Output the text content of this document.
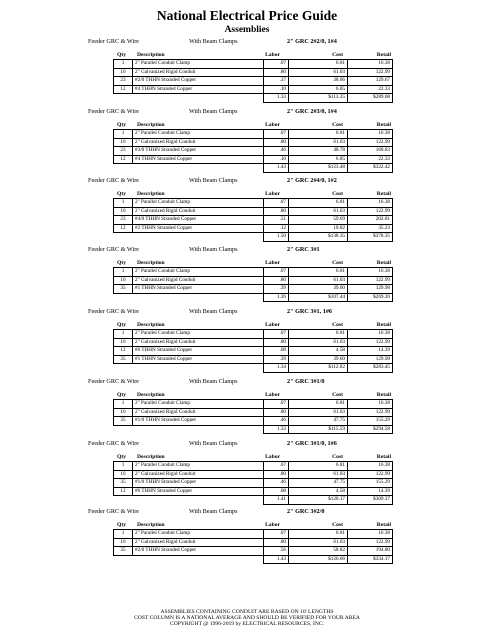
National Electrical Price Guide
Assemblies
Feeder GRC & Wire	With Beam Clamps	2" GRC 2#2/0, 1#4
Qty Description	Labor	Cost	Retail
1	2" Parallel Conduit Clamp	.07	6.81	16.38
10	2" Galvanized Rigid Conduit	.80	61.03	122.99
23	#2/0 THHN Stranded Copper	.37	38.66	129.67
12	#4 THHN Stranded Copper	.10	6.85	22.33
		1.33	$113.35	$289.68
Feeder GRC & Wire	With Beam Clamps	2" GRC 2#3/0, 1#4
Qty Description	Labor	Cost	Retail
1	2" Parallel Conduit Clamp	.07	6.81	16.38
10	2" Galvanized Rigid Conduit	.80	61.03	122.99
23	#3/0 THHN Stranded Copper	.46	48.78	160.83
12	#4 THHN Stranded Copper	.10	6.85	22.33
		1.43	$123.48	$322.42
Feeder GRC & Wire	With Beam Clamps	2" GRC 2#4/0, 1#2
Qty Description	Labor	Cost	Retail
1	2" Parallel Conduit Clamp	.07	6.81	16.38
10	2" Galvanized Rigid Conduit	.80	61.03	122.99
23	#4/0 THHN Stranded Copper	.51	59.69	202.81
12	#2 THHN Stranded Copper	.12	10.82	35.23
		1.50	$138.35	$378.35
Feeder GRC & Wire	With Beam Clamps	2" GRC 3#1
Qty Description	Labor	Cost	Retail
1	2" Parallel Conduit Clamp	.07	6.81	16.38
10	2" Galvanized Rigid Conduit	.80	61.03	122.99
35	#1 THHN Stranded Copper	.39	39.60	129.98
		1.26	$107.44	$269.26
Feeder GRC & Wire	With Beam Clamps	2" GRC 3#1, 1#6
Qty Description	Labor	Cost	Retail
1	2" Parallel Conduit Clamp	.07	6.81	16.38
10	2" Galvanized Rigid Conduit	.80	61.03	122.99
12	#6 THHN Stranded Copper	.08	4.58	14.39
35	#1 THHN Stranded Copper	.39	39.60	129.98
		1.34	$112.02	$283.45
Feeder GRC & Wire	With Beam Clamps	2" GRC 3#1/0
Qty Description	Labor	Cost	Retail
1	2" Parallel Conduit Clamp	.07	6.81	16.38
10	2" Galvanized Rigid Conduit	.80	61.03	122.99
35	#1/0 THHN Stranded Copper	.46	47.75	155.29
		1.33	$115.59	$294.58
Feeder GRC & Wire	With Beam Clamps	2" GRC 3#1/0, 1#6
Qty Description	Labor	Cost	Retail
1	2" Parallel Conduit Clamp	.07	6.81	16.38
10	2" Galvanized Rigid Conduit	.80	61.03	122.99
35	#1/0 THHN Stranded Copper	.46	47.75	155.29
12	#6 THHN Stranded Copper	.08	4.58	14.39
		1.41	$120.17	$309.37
Feeder GRC & Wire	With Beam Clamps	2" GRC 3#2/0
Qty Description	Labor	Cost	Retail
1	2" Parallel Conduit Clamp	.07	6.81	16.38
10	2" Galvanized Rigid Conduit	.80	61.03	122.99
35	#2/0 THHN Stranded Copper	.56	58.82	194.80
		1.43	$126.66	$334.17
ASSEMBLIES CONTAINING CONDUIT ARE BASED ON 10' LENGTHS
COST COLUMN IS A NATIONAL AVERAGE AND SHOULD BE VERIFIED FOR YOUR AREA
COPYRIGHT @ 1996-2019 by ELECTRICAL RESOURCES, INC.
